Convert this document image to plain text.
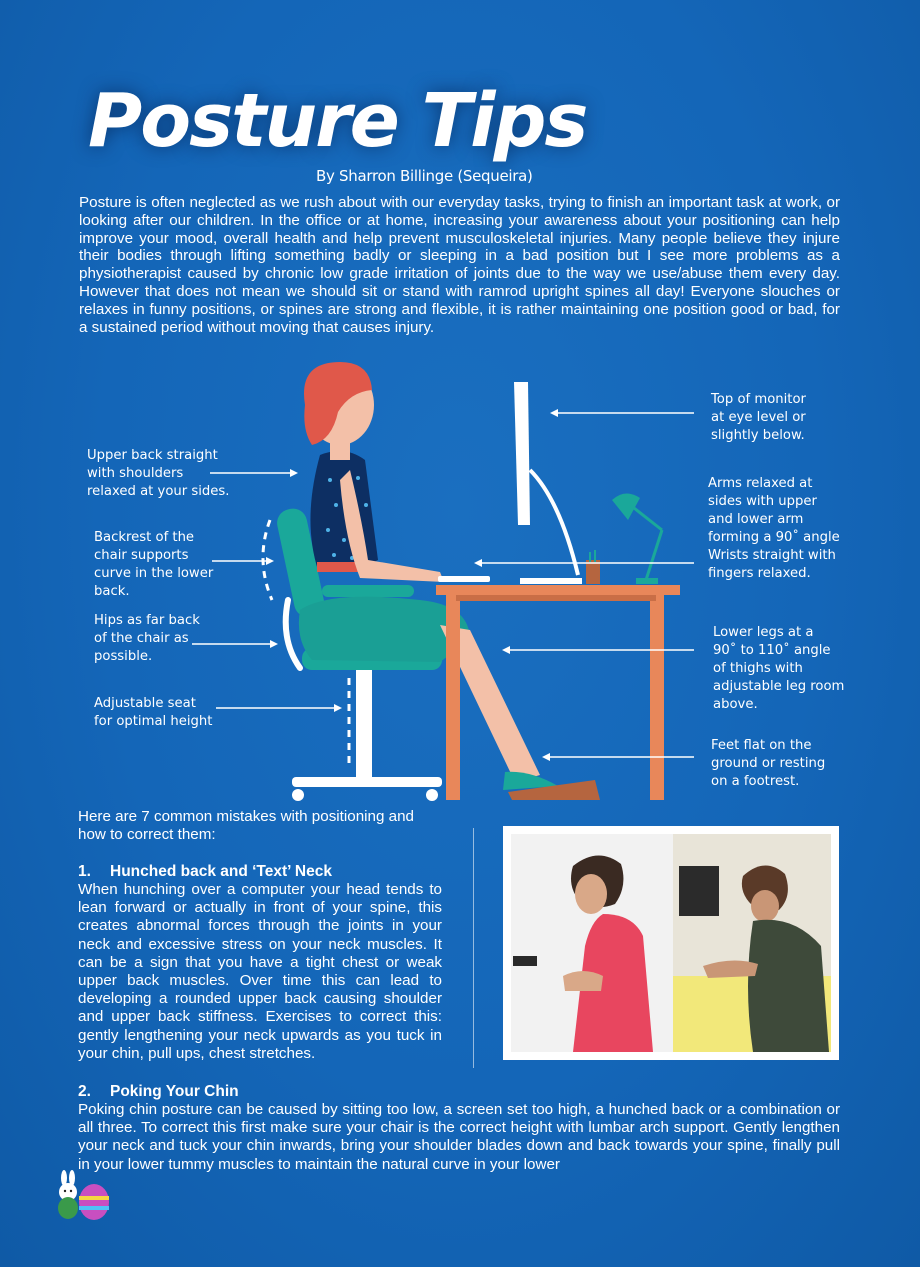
Posture Tips
By Sharron Billinge (Sequeira)

Posture is often neglected as we rush about with our everyday tasks, trying to finish an important task at work, or looking after our children. In the office or at home, increasing your awareness about your positioning can help improve your mood, overall health and help prevent musculoskeletal injuries. Many people believe they injure their bodies through lifting something badly or sleeping in a bad position but I see more problems as a physiotherapist caused by chronic low grade irritation of joints due to the way we use/abuse them every day. However that does not mean we should sit or stand with ramrod upright spines all day! Everyone slouches or relaxes in funny positions, or spines are strong and flexible, it is rather maintaining one position good or bad, for a sustained period without moving that causes injury.

Upper back straight
with shoulders
relaxed at your sides.
Backrest of the
chair supports
curve in the lower
back.
Hips as far back
of the chair as
possible.
Adjustable seat
for optimal height
Top of monitor
at eye level or
slightly below.
Arms relaxed at
sides with upper
and lower arm
forming a 90˚ angle
Wrists straight with
fingers relaxed.
Lower legs at a
90˚ to 110˚ angle
of thighs with
adjustable leg room
above.
Feet flat on the
ground or resting
on a footrest.

Here are 7 common mistakes with positioning and how to correct them:

1. Hunched back and ‘Text’ Neck

When hunching over a computer your head tends to lean forward or actually in front of your spine, this creates abnormal forces through the joints in your neck and excessive stress on your neck muscles. It can be a sign that you have a tight chest or weak upper back muscles. Over time this can lead to developing a rounded upper back causing shoulder and upper back stiffness. Exercises to correct this: gently lengthening your neck upwards as you tuck in your chin, pull ups, chest stretches.

2. Poking Your Chin

Poking chin posture can be caused by sitting too low, a screen set too high, a hunched back or a combination or all three. To correct this first make sure your chair is the correct height with lumbar arch support. Gently lengthen your neck and tuck your chin inwards, bring your shoulder blades down and back towards your spine, finally pull in your lower tummy muscles to maintain the natural curve in your lower
